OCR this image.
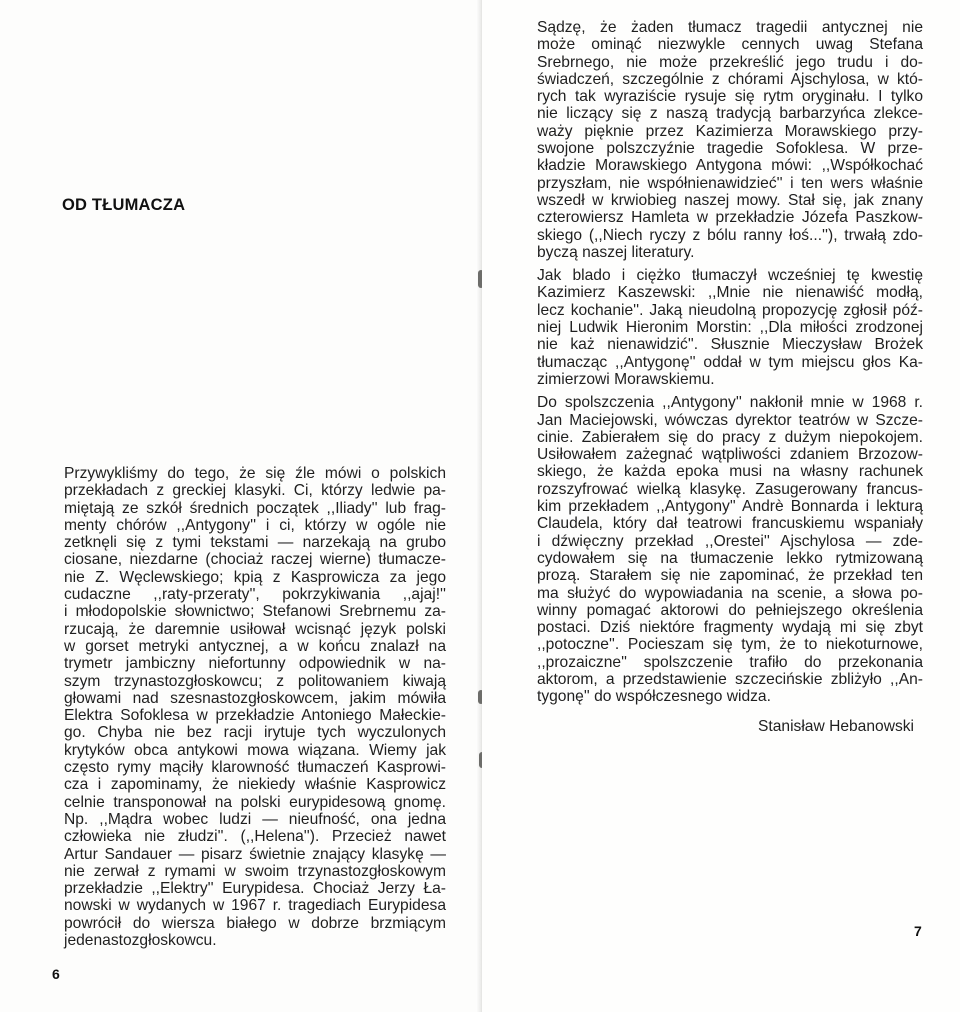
OD TŁUMACZA
Przywykliśmy do tego, że się źle mówi o polskich
przekładach z greckiej klasyki. Ci, którzy ledwie pa-
miętają ze szkół średnich początek ,,Iliady'' lub frag-
menty chórów ,,Antygony'' i ci, którzy w ogóle nie
zetknęli się z tymi tekstami — narzekają na grubo
ciosane, niezdarne (chociaż raczej wierne) tłumacze-
nie Z. Węclewskiego; kpią z Kasprowicza za jego
cudaczne ,,raty-przeraty'', pokrzykiwania ,,ajaj!''
i młodopolskie słownictwo; Stefanowi Srebrnemu za-
rzucają, że daremnie usiłował wcisnąć język polski
w gorset metryki antycznej, a w końcu znalazł na
trymetr jambiczny niefortunny odpowiednik w na-
szym trzynastozgłoskowcu; z politowaniem kiwają
głowami nad szesnastozgłoskowcem, jakim mówiła
Elektra Sofoklesa w przekładzie Antoniego Małeckie-
go. Chyba nie bez racji irytuje tych wyczulonych
krytyków obca antykowi mowa wiązana. Wiemy jak
często rymy mąciły klarowność tłumaczeń Kasprowi-
cza i zapominamy, że niekiedy właśnie Kasprowicz
celnie transponował na polski eurypidesową gnomę.
Np. ,,Mądra wobec ludzi — nieufność, ona jedna
człowieka nie złudzi''. (,,Helena''). Przecież nawet
Artur Sandauer — pisarz świetnie znający klasykę —
nie zerwał z rymami w swoim trzynastozgłoskowym
przekładzie ,,Elektry'' Eurypidesa. Chociaż Jerzy Ła-
nowski w wydanych w 1967 r. tragediach Eurypidesa
powrócił do wiersza białego w dobrze brzmiącym
jedenastozgłoskowcu.

6

Sądzę, że żaden tłumacz tragedii antycznej nie
może ominąć niezwykle cennych uwag Stefana
Srebrnego, nie może przekreślić jego trudu i do-
świadczeń, szczególnie z chórami Ajschylosa, w któ-
rych tak wyraziście rysuje się rytm oryginału. I tylko
nie liczący się z naszą tradycją barbarzyńca zlekce-
waży pięknie przez Kazimierza Morawskiego przy-
swojone polszczyźnie tragedie Sofoklesa. W prze-
kładzie Morawskiego Antygona mówi: ,,Współkochać
przyszłam, nie współnienawidzieć'' i ten wers właśnie
wszedł w krwiobieg naszej mowy. Stał się, jak znany
czterowiersz Hamleta w przekładzie Józefa Paszkow-
skiego (,,Niech ryczy z bólu ranny łoś...''), trwałą zdo-
byczą naszej literatury.
Jak blado i ciężko tłumaczył wcześniej tę kwestię
Kazimierz Kaszewski: ,,Mnie nie nienawiść modłą,
lecz kochanie''. Jaką nieudolną propozycję zgłosił póź-
niej Ludwik Hieronim Morstin: ,,Dla miłości zrodzonej
nie każ nienawidzić''. Słusznie Mieczysław Brożek
tłumacząc ,,Antygonę'' oddał w tym miejscu głos Ka-
zimierzowi Morawskiemu.
Do spolszczenia ,,Antygony'' nakłonił mnie w 1968 r.
Jan Maciejowski, wówczas dyrektor teatrów w Szcze-
cinie. Zabierałem się do pracy z dużym niepokojem.
Usiłowałem zażegnać wątpliwości zdaniem Brzozow-
skiego, że każda epoka musi na własny rachunek
rozszyfrować wielką klasykę. Zasugerowany francus-
kim przekładem ,,Antygony'' Andrè Bonnarda i lekturą
Claudela, który dał teatrowi francuskiemu wspaniały
i dźwięczny przekład ,,Orestei'' Ajschylosa — zde-
cydowałem się na tłumaczenie lekko rytmizowaną
prozą. Starałem się nie zapominać, że przekład ten
ma służyć do wypowiadania na scenie, a słowa po-
winny pomagać aktorowi do pełniejszego określenia
postaci. Dziś niektóre fragmenty wydają mi się zbyt
,,potoczne''. Pocieszam się tym, że to niekoturnowe,
,,prozaiczne'' spolszczenie trafiło do przekonania
aktorom, a przedstawienie szczecińskie zbliżyło ,,An-
tygonę'' do współczesnego widza.

Stanisław Hebanowski

7
